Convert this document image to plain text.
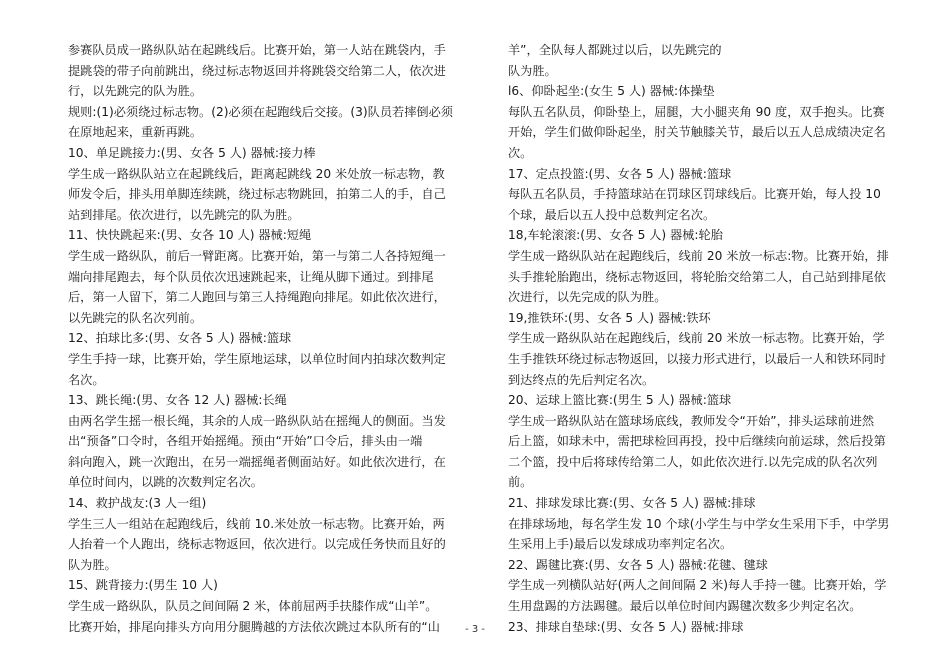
参赛队员成一路纵队站在起跳线后。比赛开始，第一人站在跳袋内，手
提跳袋的带子向前跳出，绕过标志物返回并将跳袋交给第二人，依次进
行，以先跳完的队为胜。
规则:(1)必须绕过标志物。(2)必须在起跑线后交接。(3)队员若摔倒必须
在原地起来，重新再跳。
10、单足跳接力:(男、女各 5 人) 器械:接力棒
学生成一路纵队站立在起跳线后，距离起跳线 20 米处放一标志物，教
师发令后，排头用单脚连续跳，绕过标志物跳回，拍第二人的手，自己
站到排尾。依次进行，以先跳完的队为胜。
11、快快跳起来:(男、女各 10 人) 器械:短绳
学生成一路纵队，前后一臂距离。比赛开始，第一与第二人各持短绳一
端向排尾跑去，每个队员依次迅速跳起来，让绳从脚下通过。到排尾
后，第一人留下，第二人跑回与第三人持绳跑向排尾。如此依次进行，
以先跳完的队名次列前。
12、拍球比多:(男、女各 5 人) 器械:篮球
学生手持一球，比赛开始，学生原地运球，以单位时间内拍球次数判定
名次。
13、跳长绳:(男、女各 12 人) 器械:长绳
由两名学生摇一根长绳，其余的人成一路纵队站在摇绳人的侧面。当发
出“预备”口令时，各组开始摇绳。预由“开始”口令后，排头由一端
斜向跑入，跳一次跑出，在另一端摇绳者侧面站好。如此依次进行，在
单位时间内，以跳的次数判定名次。
14、救护战友:(3 人一组)
学生三人一组站在起跑线后，线前 10.米处放一标志物。比赛开始，两
人抬着一个人跑出，绕标志物返回，依次进行。以完成任务快而且好的
队为胜。
15、跳背接力:(男生 10 人)
学生成一路纵队，队员之间间隔 2 米，体前屈两手扶膝作成“山羊”。
比赛开始，排尾向排头方向用分腿腾越的方法依次跳过本队所有的“山
羊”，全队每人都跳过以后，以先跳完的
队为胜。
l6、仰卧起坐:(女生 5 人) 器械:体操垫
每队五名队员，仰卧垫上，屈腿，大小腿夹角 90 度，双手抱头。比赛
开始，学生们做仰卧起坐，肘关节触膝关节，最后以五人总成绩决定名
次。
17、定点投篮:(男、女各 5 人) 器械:篮球
每队五名队员，手持篮球站在罚球区罚球线后。比赛开始，每人投 10
个球，最后以五人投中总数判定名次。
18,车轮滚滚:(男、女各 5 人) 器械:轮胎
学生成一路纵队站在起跑线后，线前 20 米放一标志:物。比赛开始，排
头手推轮胎跑出，绕标志物返回，将轮胎交给第二人，自己站到排尾依
次进行，以先完成的队为胜。
19,推铁环:(男、女各 5 人) 器械:铁环
学生成一路纵队站在起跑线后，线前 20 米放一标志物。比赛开始，学
生手推铁环绕过标志物返回，以接力形式进行，以最后一人和铁环同时
到达终点的先后判定名次。
20、运球上篮比赛:(男生 5 人) 器械:篮球
学生成一路纵队站在篮球场底线，教师发令“开始”，排头运球前进然
后上篮，如球未中，需把球检回再投，投中后继续向前运球，然后投第
二个篮，投中后将球传给第二人，如此依次进行.以先完成的队名次列
前。
21、排球发球比赛:(男、女各 5 人) 器械:排球
在排球场地，每名学生发 10 个球(小学生与中学女生采用下手，中学男
生采用上手)最后以发球成功率判定名次。
22、踢毽比赛:(男、女各 5 人) 器械:花毽、毽球
学生成一列横队站好(两人之间间隔 2 米)每人手持一毽。比赛开始，学
生用盘踢的方法踢毽。最后以单位时间内踢毽次数多少判定名次。
23、排球自垫球:(男、女各 5 人) 器械:排球
- 3 -
